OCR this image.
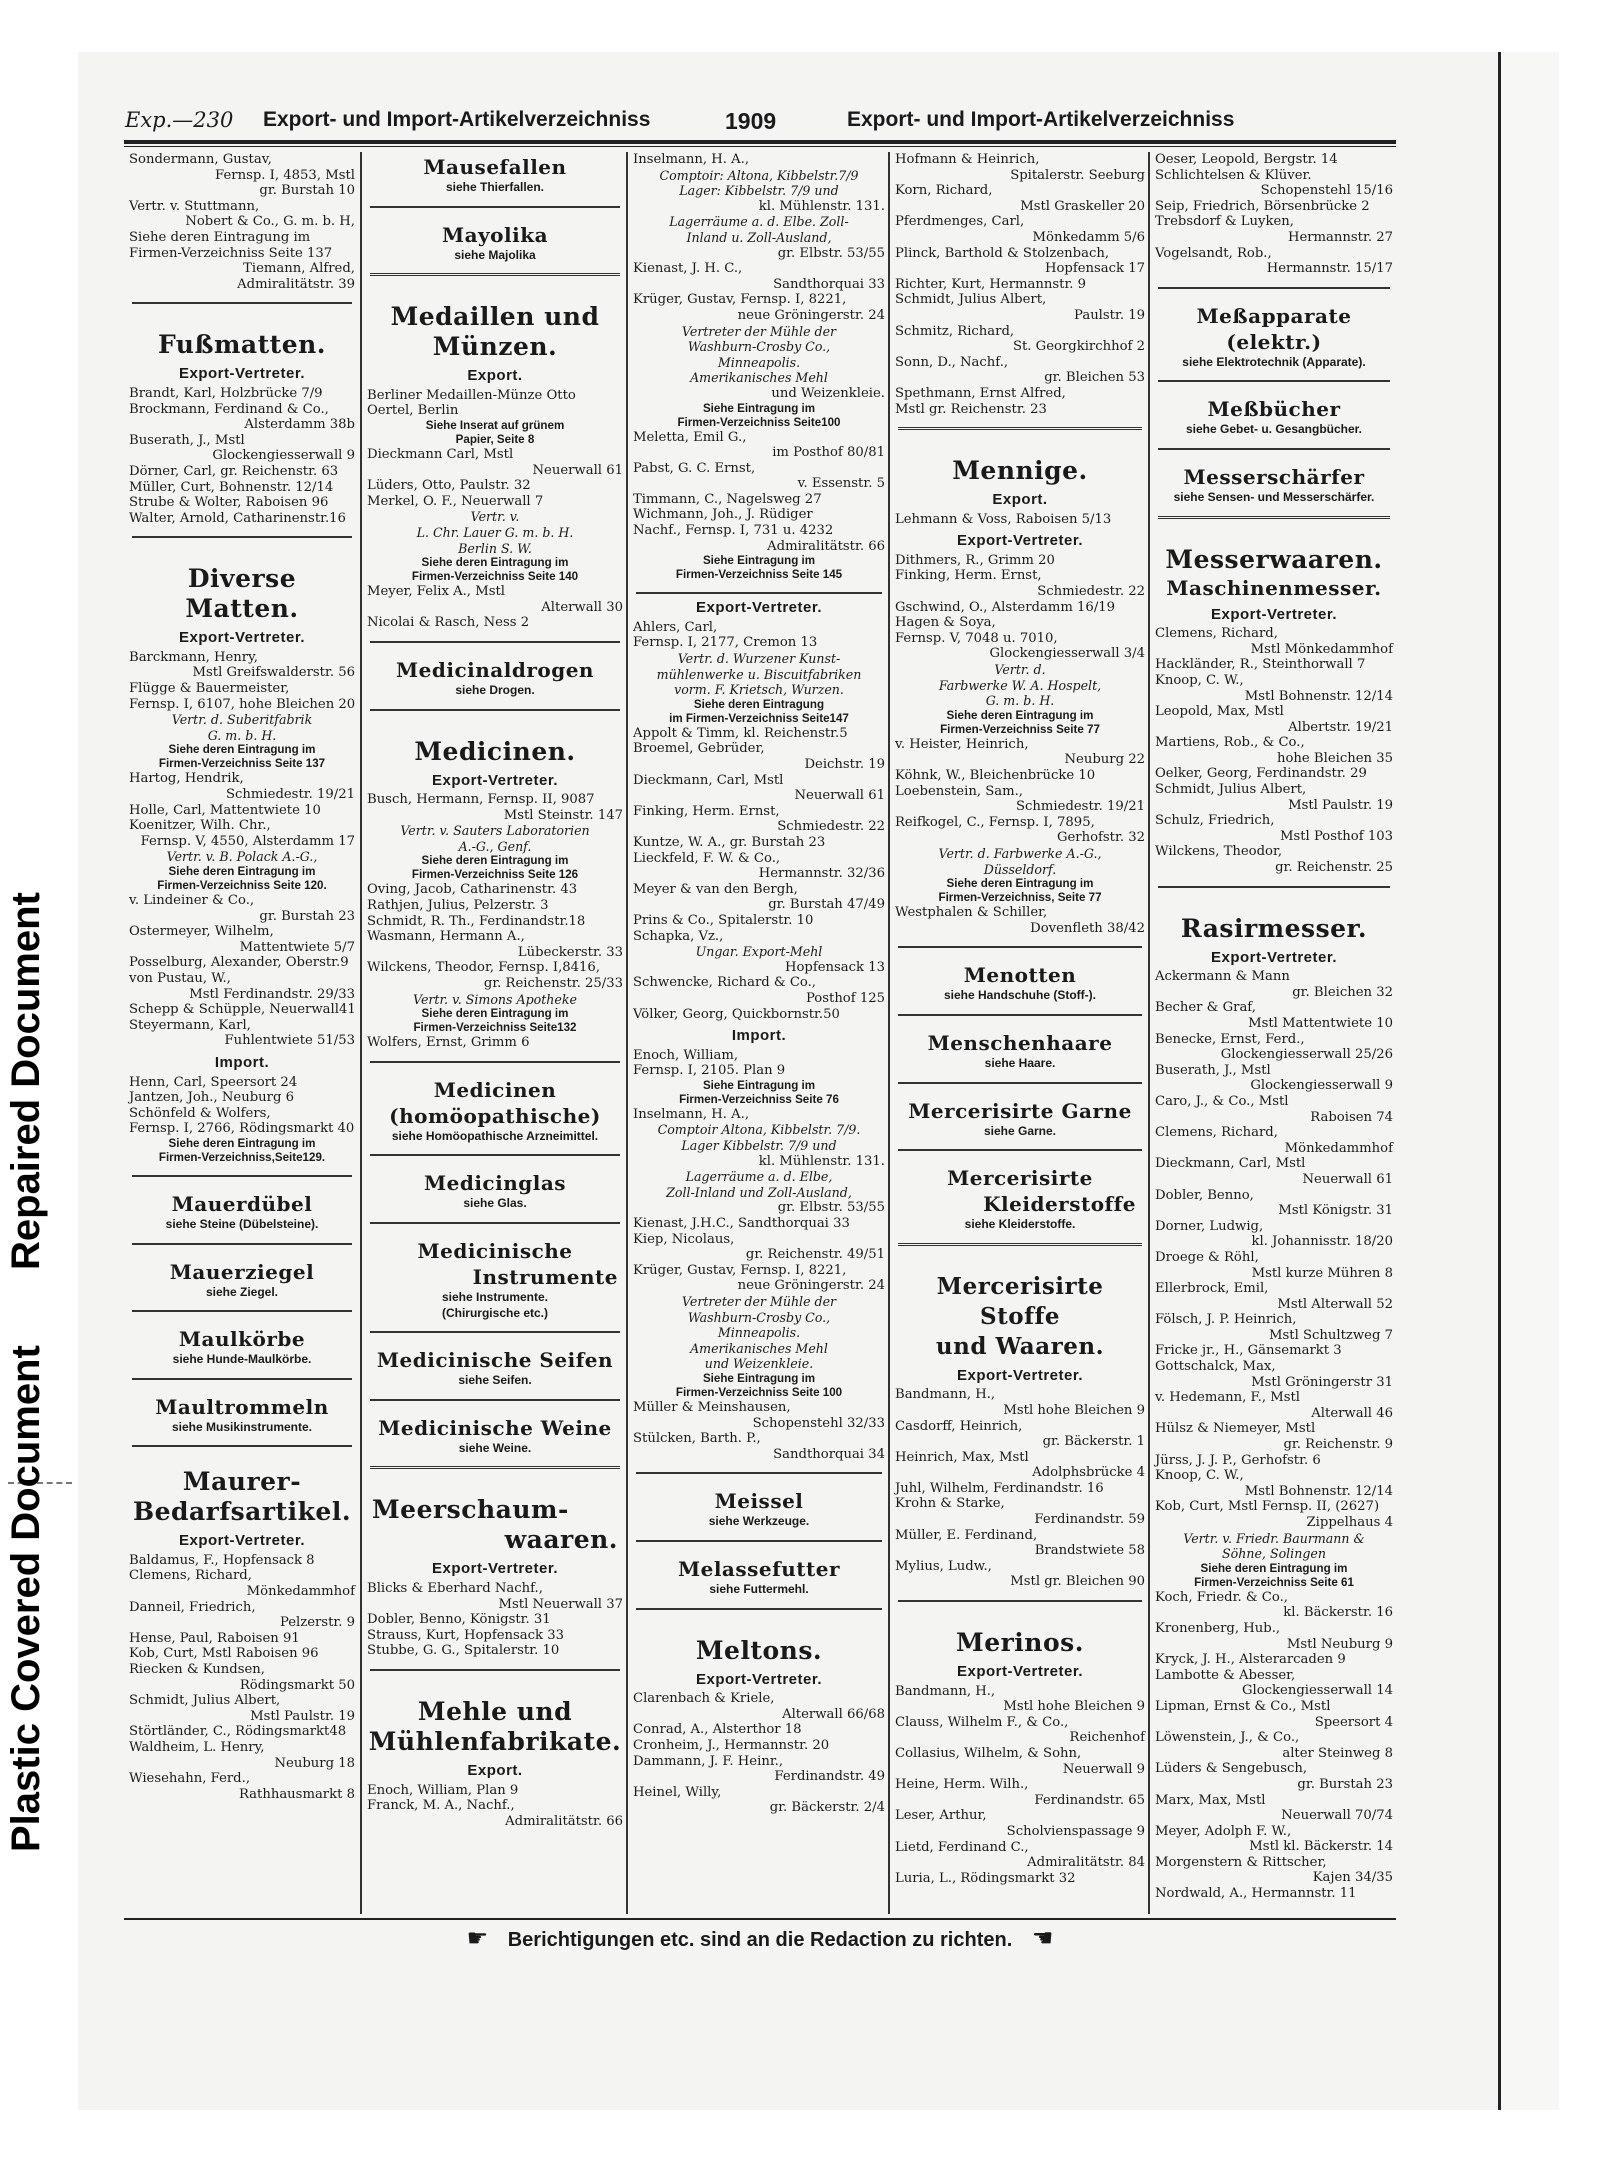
Repaired Document
Plastic Covered Document
Exp.—230 Export- und Import-Artikelverzeichniss	1909	Export- und Import-Artikelverzeichniss
Sondermann, Gustav,
Fernsp. I, 4853, Mstl
gr. Burstah 10
Vertr. v. Stuttmann,
Nobert & Co., G. m. b. H,
Siehe deren Eintragung im
Firmen-Verzeichniss Seite 137
Tiemann, Alfred,
Admiralitätstr. 39
Fußmatten.
Export-Vertreter.
Brandt, Karl, Holzbrücke 7/9
Brockmann, Ferdinand & Co.,
Alsterdamm 38b
Buserath, J., Mstl
Glockengiesserwall 9
Dörner, Carl, gr. Reichenstr. 63
Müller, Curt, Bohnenstr. 12/14
Strube & Wolter, Raboisen 96
Walter, Arnold, Catharinenstr.16
Diverse Matten.
Export-Vertreter.
Barckmann, Henry,
Mstl Greifswalderstr. 56
Flügge & Bauermeister,
Fernsp. I, 6107, hohe Bleichen 20
Vertr. d. Suberitfabrik
G. m. b. H.
Siehe deren Eintragung im
Firmen-Verzeichniss Seite 137
Hartog, Hendrik,
Schmiedestr. 19/21
Holle, Carl, Mattentwiete 10
Koenitzer, Wilh. Chr.,
Fernsp. V, 4550, Alsterdamm 17
Vertr. v. B. Polack A.-G.,
Siehe deren Eintragung im
Firmen-Verzeichniss Seite 120.
v. Lindeiner & Co.,
gr. Burstah 23
Ostermeyer, Wilhelm,
Mattentwiete 5/7
Posselburg, Alexander, Oberstr.9
von Pustau, W.,
Mstl Ferdinandstr. 29/33
Schepp & Schüpple, Neuerwall41
Steyermann, Karl,
Fuhlentwiete 51/53
Import.
Henn, Carl, Speersort 24
Jantzen, Joh., Neuburg 6
Schönfeld & Wolfers,
Fernsp. I, 2766, Rödingsmarkt 40
Siehe deren Eintragung im
Firmen-Verzeichniss,Seite129.
Mauerdübel
siehe Steine (Dübelsteine).
Mauerziegel
siehe Ziegel.
Maulkörbe
siehe Hunde-Maulkörbe.
Maultrommeln
siehe Musikinstrumente.
Maurer-
Bedarfsartikel.
Export-Vertreter.
Baldamus, F., Hopfensack 8
Clemens, Richard,
Mönkedammhof
Danneil, Friedrich,
Pelzerstr. 9
Hense, Paul, Raboisen 91
Kob, Curt, Mstl Raboisen 96
Riecken & Kundsen,
Rödingsmarkt 50
Schmidt, Julius Albert,
Mstl Paulstr. 19
Störtländer, C., Rödingsmarkt48
Waldheim, L. Henry,
Neuburg 18
Wiesehahn, Ferd.,
Rathhausmarkt 8
Mausefallen
siehe Thierfallen.
Mayolika
siehe Majolika
Medaillen und
Münzen.
Export.
Berliner Medaillen-Münze Otto
Oertel, Berlin
Siehe Inserat auf grünem
Papier, Seite 8
Dieckmann Carl, Mstl
Neuerwall 61
Lüders, Otto, Paulstr. 32
Merkel, O. F., Neuerwall 7
Vertr. v.
L. Chr. Lauer G. m. b. H.
Berlin S. W.
Siehe deren Eintragung im
Firmen-Verzeichniss Seite 140
Meyer, Felix A., Mstl
Alterwall 30
Nicolai & Rasch, Ness 2
Medicinaldrogen
siehe Drogen.
Medicinen.
Export-Vertreter.
Busch, Hermann, Fernsp. II, 9087
Mstl Steinstr. 147
Vertr. v. Sauters Laboratorien
A.-G., Genf.
Siehe deren Eintragung im
Firmen-Verzeichniss Seite 126
Oving, Jacob, Catharinenstr. 43
Rathjen, Julius, Pelzerstr. 3
Schmidt, R. Th., Ferdinandstr.18
Wasmann, Hermann A.,
Lübeckerstr. 33
Wilckens, Theodor, Fernsp. I,8416,
gr. Reichenstr. 25/33
Vertr. v. Simons Apotheke
Siehe deren Eintragung im
Firmen-Verzeichniss Seite132
Wolfers, Ernst, Grimm 6
Medicinen
(homöopathische)
siehe Homöopathische Arzneimittel.
Medicinglas
siehe Glas.
Medicinische
Instrumente
siehe Instrumente.
(Chirurgische etc.)
Medicinische Seifen
siehe Seifen.
Medicinische Weine
siehe Weine.
Meerschaum-
waaren.
Export-Vertreter.
Blicks & Eberhard Nachf.,
Mstl Neuerwall 37
Dobler, Benno, Königstr. 31
Strauss, Kurt, Hopfensack 33
Stubbe, G. G., Spitalerstr. 10
Mehle und
Mühlenfabrikate.
Export.
Enoch, William, Plan 9
Franck, M. A., Nachf.,
Admiralitätstr. 66
Inselmann, H. A.,
Comptoir: Altona, Kibbelstr.7/9
Lager: Kibbelstr. 7/9 und
kl. Mühlenstr. 131.
Lagerräume a. d. Elbe. Zoll-
Inland u. Zoll-Ausland,
gr. Elbstr. 53/55
Kienast, J. H. C.,
Sandthorquai 33
Krüger, Gustav, Fernsp. I, 8221,
neue Gröningerstr. 24
Vertreter der Mühle der
Washburn-Crosby Co.,
Minneapolis.
Amerikanisches Mehl
und Weizenkleie.
Siehe Eintragung im
Firmen-Verzeichniss Seite100
Meletta, Emil G.,
im Posthof 80/81
Pabst, G. C. Ernst,
v. Essenstr. 5
Timmann, C., Nagelsweg 27
Wichmann, Joh., J. Rüdiger
Nachf., Fernsp. I, 731 u. 4232
Admiralitätstr. 66
Siehe Eintragung im
Firmen-Verzeichniss Seite 145
Export-Vertreter.
Ahlers, Carl,
Fernsp. I, 2177, Cremon 13
Vertr. d. Wurzener Kunst-
mühlenwerke u. Biscuitfabriken
vorm. F. Krietsch, Wurzen.
Siehe deren Eintragung
im Firmen-Verzeichniss Seite147
Appolt & Timm, kl. Reichenstr.5
Broemel, Gebrüder,
Deichstr. 19
Dieckmann, Carl, Mstl
Neuerwall 61
Finking, Herm. Ernst,
Schmiedestr. 22
Kuntze, W. A., gr. Burstah 23
Lieckfeld, F. W. & Co.,
Hermannstr. 32/36
Meyer & van den Bergh,
gr. Burstah 47/49
Prins & Co., Spitalerstr. 10
Schapka, Vz.,
Ungar. Export-Mehl
Hopfensack 13
Schwencke, Richard & Co.,
Posthof 125
Völker, Georg, Quickbornstr.50
Import.
Enoch, William,
Fernsp. I, 2105. Plan 9
Siehe Eintragung im
Firmen-Verzeichniss Seite 76
Inselmann, H. A.,
Comptoir Altona, Kibbelstr. 7/9.
Lager Kibbelstr. 7/9 und
kl. Mühlenstr. 131.
Lagerräume a. d. Elbe,
Zoll-Inland und Zoll-Ausland,
gr. Elbstr. 53/55
Kienast, J.H.C., Sandthorquai 33
Kiep, Nicolaus,
gr. Reichenstr. 49/51
Krüger, Gustav, Fernsp. I, 8221,
neue Gröningerstr. 24
Vertreter der Mühle der
Washburn-Crosby Co.,
Minneapolis.
Amerikanisches Mehl
und Weizenkleie.
Siehe Eintragung im
Firmen-Verzeichniss Seite 100
Müller & Meinshausen,
Schopenstehl 32/33
Stülcken, Barth. P.,
Sandthorquai 34
Meissel
siehe Werkzeuge.
Melassefutter
siehe Futtermehl.
Meltons.
Export-Vertreter.
Clarenbach & Kriele,
Alterwall 66/68
Conrad, A., Alsterthor 18
Cronheim, J., Hermannstr. 20
Dammann, J. F. Heinr.,
Ferdinandstr. 49
Heinel, Willy,
gr. Bäckerstr. 2/4
Hofmann & Heinrich,
Spitalerstr. Seeburg
Korn, Richard,
Mstl Graskeller 20
Pferdmenges, Carl,
Mönkedamm 5/6
Plinck, Barthold & Stolzenbach,
Hopfensack 17
Richter, Kurt, Hermannstr. 9
Schmidt, Julius Albert,
Paulstr. 19
Schmitz, Richard,
St. Georgkirchhof 2
Sonn, D., Nachf.,
gr. Bleichen 53
Spethmann, Ernst Alfred,
Mstl gr. Reichenstr. 23
Mennige.
Export.
Lehmann & Voss, Raboisen 5/13
Export-Vertreter.
Dithmers, R., Grimm 20
Finking, Herm. Ernst,
Schmiedestr. 22
Gschwind, O., Alsterdamm 16/19
Hagen & Soya,
Fernsp. V, 7048 u. 7010,
Glockengiesserwall 3/4
Vertr. d.
Farbwerke W. A. Hospelt,
G. m. b. H.
Siehe deren Eintragung im
Firmen-Verzeichniss Seite 77
v. Heister, Heinrich,
Neuburg 22
Köhnk, W., Bleichenbrücke 10
Loebenstein, Sam.,
Schmiedestr. 19/21
Reifkogel, C., Fernsp. I, 7895,
Gerhofstr. 32
Vertr. d. Farbwerke A.-G.,
Düsseldorf.
Siehe deren Eintragung im
Firmen-Verzeichniss, Seite 77
Westphalen & Schiller,
Dovenfleth 38/42
Menotten
siehe Handschuhe (Stoff-).
Menschenhaare
siehe Haare.
Mercerisirte Garne
siehe Garne.
Mercerisirte
Kleiderstoffe
siehe Kleiderstoffe.
Mercerisirte Stoffe
und Waaren.
Export-Vertreter.
Bandmann, H.,
Mstl hohe Bleichen 9
Casdorff, Heinrich,
gr. Bäckerstr. 1
Heinrich, Max, Mstl
Adolphsbrücke 4
Juhl, Wilhelm, Ferdinandstr. 16
Krohn & Starke,
Ferdinandstr. 59
Müller, E. Ferdinand,
Brandstwiete 58
Mylius, Ludw.,
Mstl gr. Bleichen 90
Merinos.
Export-Vertreter.
Bandmann, H.,
Mstl hohe Bleichen 9
Clauss, Wilhelm F., & Co.,
Reichenhof
Collasius, Wilhelm, & Sohn,
Neuerwall 9
Heine, Herm. Wilh.,
Ferdinandstr. 65
Leser, Arthur,
Scholvienspassage 9
Lietd, Ferdinand C.,
Admiralitätstr. 84
Luria, L., Rödingsmarkt 32
Oeser, Leopold, Bergstr. 14
Schlichtelsen & Klüver.
Schopenstehl 15/16
Seip, Friedrich, Börsenbrücke 2
Trebsdorf & Luyken,
Hermannstr. 27
Vogelsandt, Rob.,
Hermannstr. 15/17
Meßapparate (elektr.)
siehe Elektrotechnik (Apparate).
Meßbücher
siehe Gebet- u. Gesangbücher.
Messerschärfer
siehe Sensen- und Messerschärfer.
Messerwaaren.
Maschinenmesser.
Export-Vertreter.
Clemens, Richard,
Mstl Mönkedammhof
Hackländer, R., Steinthorwall 7
Knoop, C. W.,
Mstl Bohnenstr. 12/14
Leopold, Max, Mstl
Albertstr. 19/21
Martiens, Rob., & Co.,
hohe Bleichen 35
Oelker, Georg, Ferdinandstr. 29
Schmidt, Julius Albert,
Mstl Paulstr. 19
Schulz, Friedrich,
Mstl Posthof 103
Wilckens, Theodor,
gr. Reichenstr. 25
Rasirmesser.
Export-Vertreter.
Ackermann & Mann
gr. Bleichen 32
Becher & Graf,
Mstl Mattentwiete 10
Benecke, Ernst, Ferd.,
Glockengiesserwall 25/26
Buserath, J., Mstl
Glockengiesserwall 9
Caro, J., & Co., Mstl
Raboisen 74
Clemens, Richard,
Mönkedammhof
Dieckmann, Carl, Mstl
Neuerwall 61
Dobler, Benno,
Mstl Königstr. 31
Dorner, Ludwig,
kl. Johannisstr. 18/20
Droege & Röhl,
Mstl kurze Mühren 8
Ellerbrock, Emil,
Mstl Alterwall 52
Fölsch, J. P. Heinrich,
Mstl Schultzweg 7
Fricke jr., H., Gänsemarkt 3
Gottschalck, Max,
Mstl Gröningerstr 31
v. Hedemann, F., Mstl
Alterwall 46
Hülsz & Niemeyer, Mstl
gr. Reichenstr. 9
Jürss, J. J. P., Gerhofstr. 6
Knoop, C. W.,
Mstl Bohnenstr. 12/14
Kob, Curt, Mstl Fernsp. II, (2627)
Zippelhaus 4
Vertr. v. Friedr. Baurmann &
Söhne, Solingen
Siehe deren Eintragung im
Firmen-Verzeichniss Seite 61
Koch, Friedr. & Co.,
kl. Bäckerstr. 16
Kronenberg, Hub.,
Mstl Neuburg 9
Kryck, J. H., Alsterarcaden 9
Lambotte & Abesser,
Glockengiesserwall 14
Lipman, Ernst & Co., Mstl
Speersort 4
Löwenstein, J., & Co.,
alter Steinweg 8
Lüders & Sengebusch,
gr. Burstah 23
Marx, Max, Mstl
Neuerwall 70/74
Meyer, Adolph F. W.,
Mstl kl. Bäckerstr. 14
Morgenstern & Rittscher,
Kajen 34/35
Nordwald, A., Hermannstr. 11
☛ Berichtigungen etc. sind an die Redaction zu richten. ☚
